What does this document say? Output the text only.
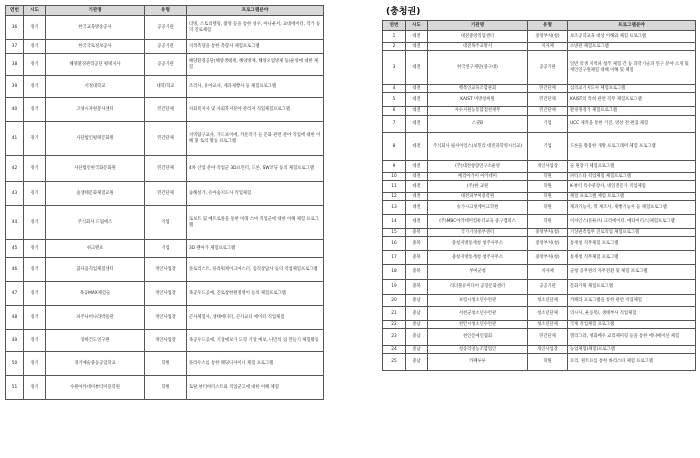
연번	시도	기관명	유형	프로그램분야
36	경기	한국교육방송공사	공공기관	더빙, 스토리텔링, 촬영 등을 통한 성우, 아나운서, 교대에이터, 작가 등의 진로체험
37	경기	한국국토정보공사	공공기관	지적측량을 통한 측량사 체험프로그램
38	경기	해양환경관리공단 평택지사	공공기관	해양환경공단(해양생태계, 해양방제, 해양오염방제 등)운영에 대한 체험
39	경기	서정대학교	대학/학교	조리사, 유아교사, 제과제빵사 등 체험프로그램
40	경기	고양시자원봉사센터	민간단체	사회복지사 및 사회복지분야 관리자 직업체험프로그램
41	경기	사단법인평택문화원	민간단체	지역탐구교사, 가드보이에, 카툰작가 들 문화 관련 분야 직업에 대한 이해 및 토의 활동 프로그램
42	경기	사단법인한국화문화원	민간단체	4차 산업 분야 직업군 3D프린터, 드론, SW코딩 등의 체험프로그램
43	경기	숲생태문화체험교원	민간단체	숲해설가, 유아숲지도사 직업체험
44	경기	주식회사 드림에스	기업	로보트 및 메트로폴을 통한 미래 스마 직업군에 대한 이해 체험 프로그램
45	경기	쉬크멘츠	기업	3D 펜아가 체험프로그램
46	경기	꿈다움직업체험센터	개인사업장	플로리스트, 플라워케이크마스터, 심리상담사 등의 직업체험프로그램
47	경기	목공MAX체험술	개인사업장	목공우드공예, 진로창한원정영어 등의 체험프로그램
48	경기	파주나비나라박물관	개인사업장	곤사체험사, 생태에디터, 곤사교디 에이터 직업체험
49	경기	상하건도연구원	개인사업장	목공우드공예, 기상예보가 도형 기상 예보, 나만의 집 만들기 체험활동
50	경기	경기예술중동공업학교	학원	플라우스를 통한 웨딩디자이너 체험 프로그램
51	경기	수원아카데미뷰티미용학원	학원	토탈 뷰티아티스트와 직업군고에 대한 이해 체험
(충청권)
연번	시도	기관명	유형	프로그램분야
1	대전	대전중앙직업센터	중앙부처(청)	보조공학교육 대상 이해와 체험 프로그램
2	대전	대전목주교방서	지자체	소방관 체험프로그램
3	대전	한국연구재단(중구대)	공공기관	일반 학생 지역파 청주 체험 간 등 과학기술과 연구 분야 소개 및 재인연구원체험 대해 이해 및 체험
4	대전	행복인교육조합관회	민간단체	심의교기지도사 체험프로그램
5	대전	KAIST 미방창희원	민간단체	KAIST의 특허 관련 직무 체험프로그램
6	대전	자수지원농통합점천재무	민간단체	환경정경가 체험프로그램
7	대전	스쿨B	기업	UCC 제작을 통한 거진, 영상 전 편집 체험
8	대전	주식회사 필사이언스(보민리 대전과학영시식교)	기업	드론을 활용한 개방 프로그래머 체험 프로그램
9	대전	(주)대전창량연구소운영	개인사업장	술 원장기 체험프로그램
10	대전	메리아가이 아카데미	학원	파티스타 직업체험 체험프로그램
11	대전	(주)한 교원	학원	K-뷰티 특수분장사, 네일전문가 직업체험
12	대전	대전피부미용학원	학원	체험 프로그램 체험 프로그램
13	대전	슈가시크릿케이크학원	학원	제과기능사, 떡 제조사, 제빵기능사 등 체험프로그램
14	대전	(주)MBC아카데미컴퓨터교육 중구캠퍼스	학원	이자인스(유튜브) 크리에이터, 메타이터스)체험프로그램
15	충북	국가기상중부센터	중앙부처(청)	기상관측업무 진로직업 체험프로그램
16	충북	충청지방통계청 청주사무소	중앙부처(청)	통계청 직무체험 프로그램
17	충북	충청지방통계청 청주사무소	중앙부처(청)	통계청 직무체험 프로그램
18	충북	부여군청	지자체	군청 공무원의 자무전환 및 체험 프로그램
19	충북	리더블유미디어 공장문화센터	공공기관	문화기획 체험프로그램
20	충남	보령시청소년수련관	청소년단체	카페라 프로그램을 통한 관련 직업체험
21	충남	서천군청소년수련관	청소년단체	의시사, 운동복/, 생태부사 직업체험
22	충남	천안시청소년수련관	청소년단체	국제 직업체험 프로그램
23	충남	천안문예인협회	민간단체	캘리그라, 영화배우 교리체미형 등을 통한 에니메이션 체험
24	충남	청송리영농조합법인	개인사업장	농업체험(체험)프로그램
25	충남	카페루루	학원	요리, 원트프를 통한 바리스타 체험 프로그램
